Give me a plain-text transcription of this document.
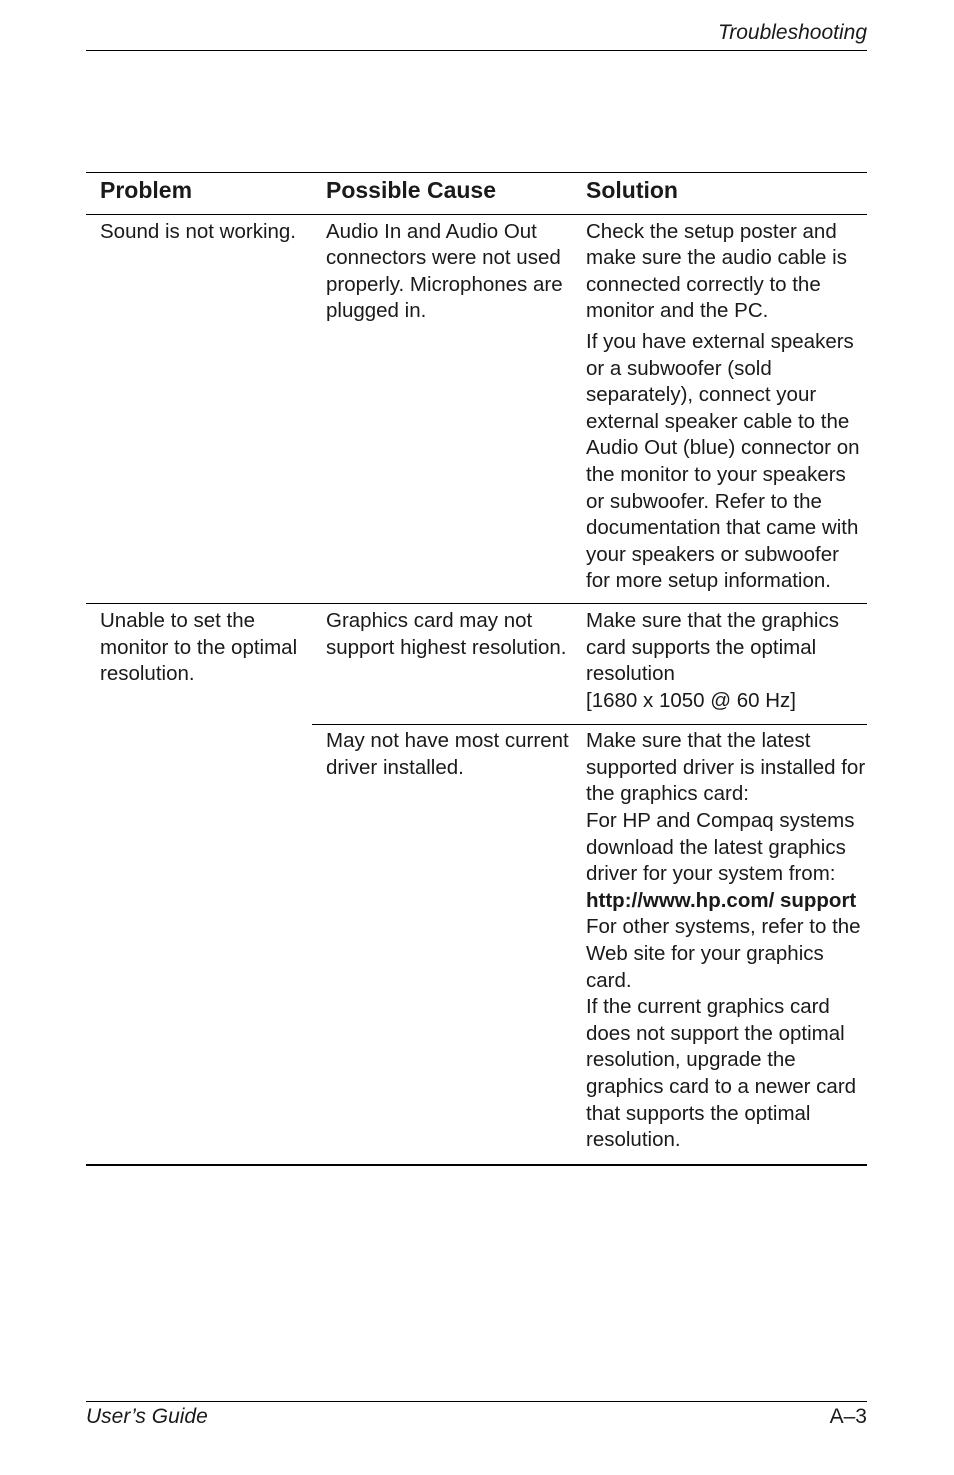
Troubleshooting
Problem	Possible Cause	Solution
Sound is not working.	Audio In and Audio Out connectors were not used properly. Microphones are plugged in.	Check the setup poster and make sure the audio cable is connected correctly to the monitor and the PC.
If you have external speakers or a subwoofer (sold separately), connect your external speaker cable to the Audio Out (blue) connector on the monitor to your speakers or subwoofer. Refer to the documentation that came with your speakers or subwoofer for more setup information.

Unable to set the monitor to the optimal resolution.	Graphics card may not support highest resolution.	Make sure that the graphics card supports the optimal resolution
[1680 x 1050 @ 60 Hz]

	May not have most current driver installed.	Make sure that the latest supported driver is installed for the graphics card:
For HP and Compaq systems download the latest graphics driver for your system from:
http://www.hp.com/ support
For other systems, refer to the Web site for your graphics card.
If the current graphics card does not support the optimal resolution, upgrade the graphics card to a newer card that supports the optimal resolution.
User’s Guide	A–3
